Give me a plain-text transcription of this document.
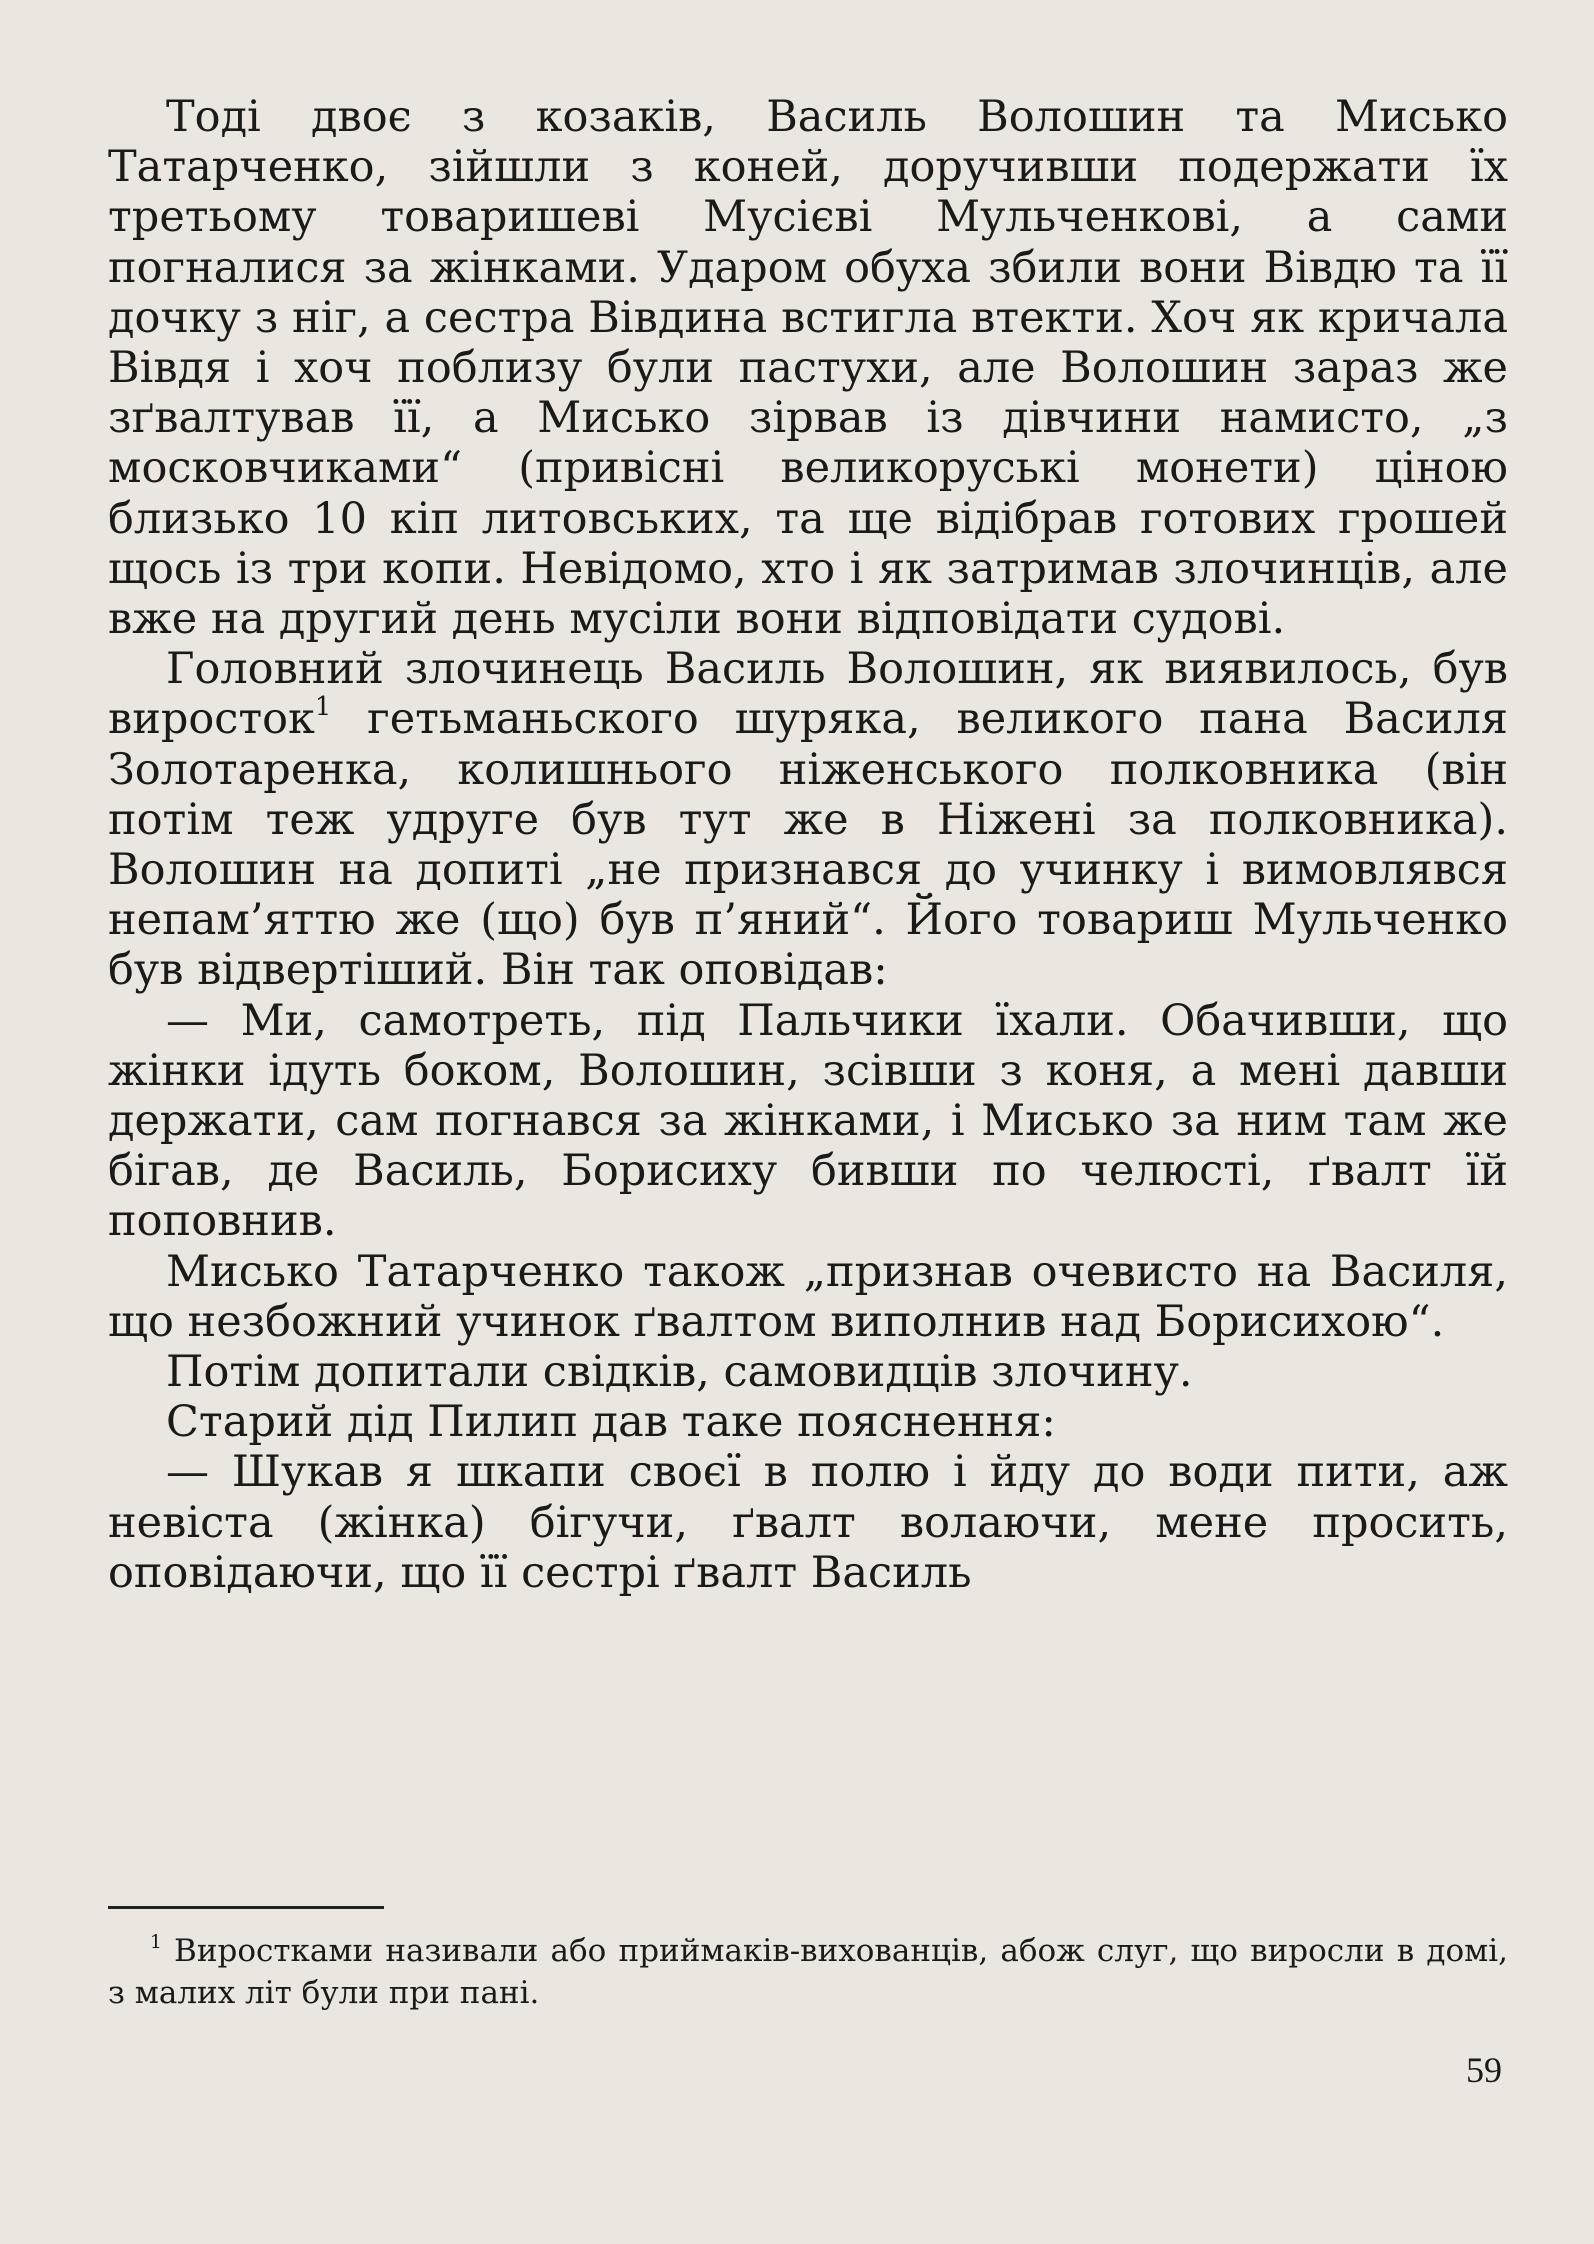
Тоді двоє з козаків, Василь Волошин та Мисько Татарченко, зійшли з коней, доручивши подержати їх третьому товаришеві Мусієві Мульченкові, а сами погналися за жінками. Ударом обуха збили вони Вівдю та її дочку з ніг, а сестра Вівдина встигла втекти. Хоч як кричала Вівдя і хоч поблизу були пастухи, але Волошин зараз же зґвалтував її, а Мисько зірвав із дівчини намисто, „з московчиками“ (привісні великоруські монети) ціною близько 10 кіп литовських, та ще відібрав готових грошей щось із три копи. Невідомо, хто і як затримав злочинців, але вже на другий день мусіли вони відповідати судові.

Головний злочинець Василь Волошин, як виявилось, був виросток$^1$ гетьманьского шуряка, великого пана Василя Золотаренка, колишнього ніженського полковника (він потім теж удруге був тут же в Ніжені за полковника). Волошин на допиті „не признався до учинку і вимовлявся непам’яттю же (що) був п’яний“. Його товариш Мульченко був відвертіший. Він так оповідав:

— Ми, самотреть, під Пальчики їхали. Обачивши, що жінки ідуть боком, Волошин, зсівши з коня, а мені давши держати, сам погнався за жінками, і Мисько за ним там же бігав, де Василь, Борисиху бивши по челюсті, ґвалт їй поповнив.

Мисько Татарченко також „признав очевисто на Василя, що незбожний учинок ґвалтом виполнив над Борисихою“.

Потім допитали свідків, самовидців злочину.

Старий дід Пилип дав таке пояснення:

— Шукав я шкапи своєї в полю і йду до води пити, аж невіста (жінка) бігучи, ґвалт волаючи, мене просить, оповідаючи, що її сестрі ґвалт Василь

$^1$ Виростками називали або приймаків-вихованців, абож слуг, що виросли в домі, з малих літ були при пані.

59
